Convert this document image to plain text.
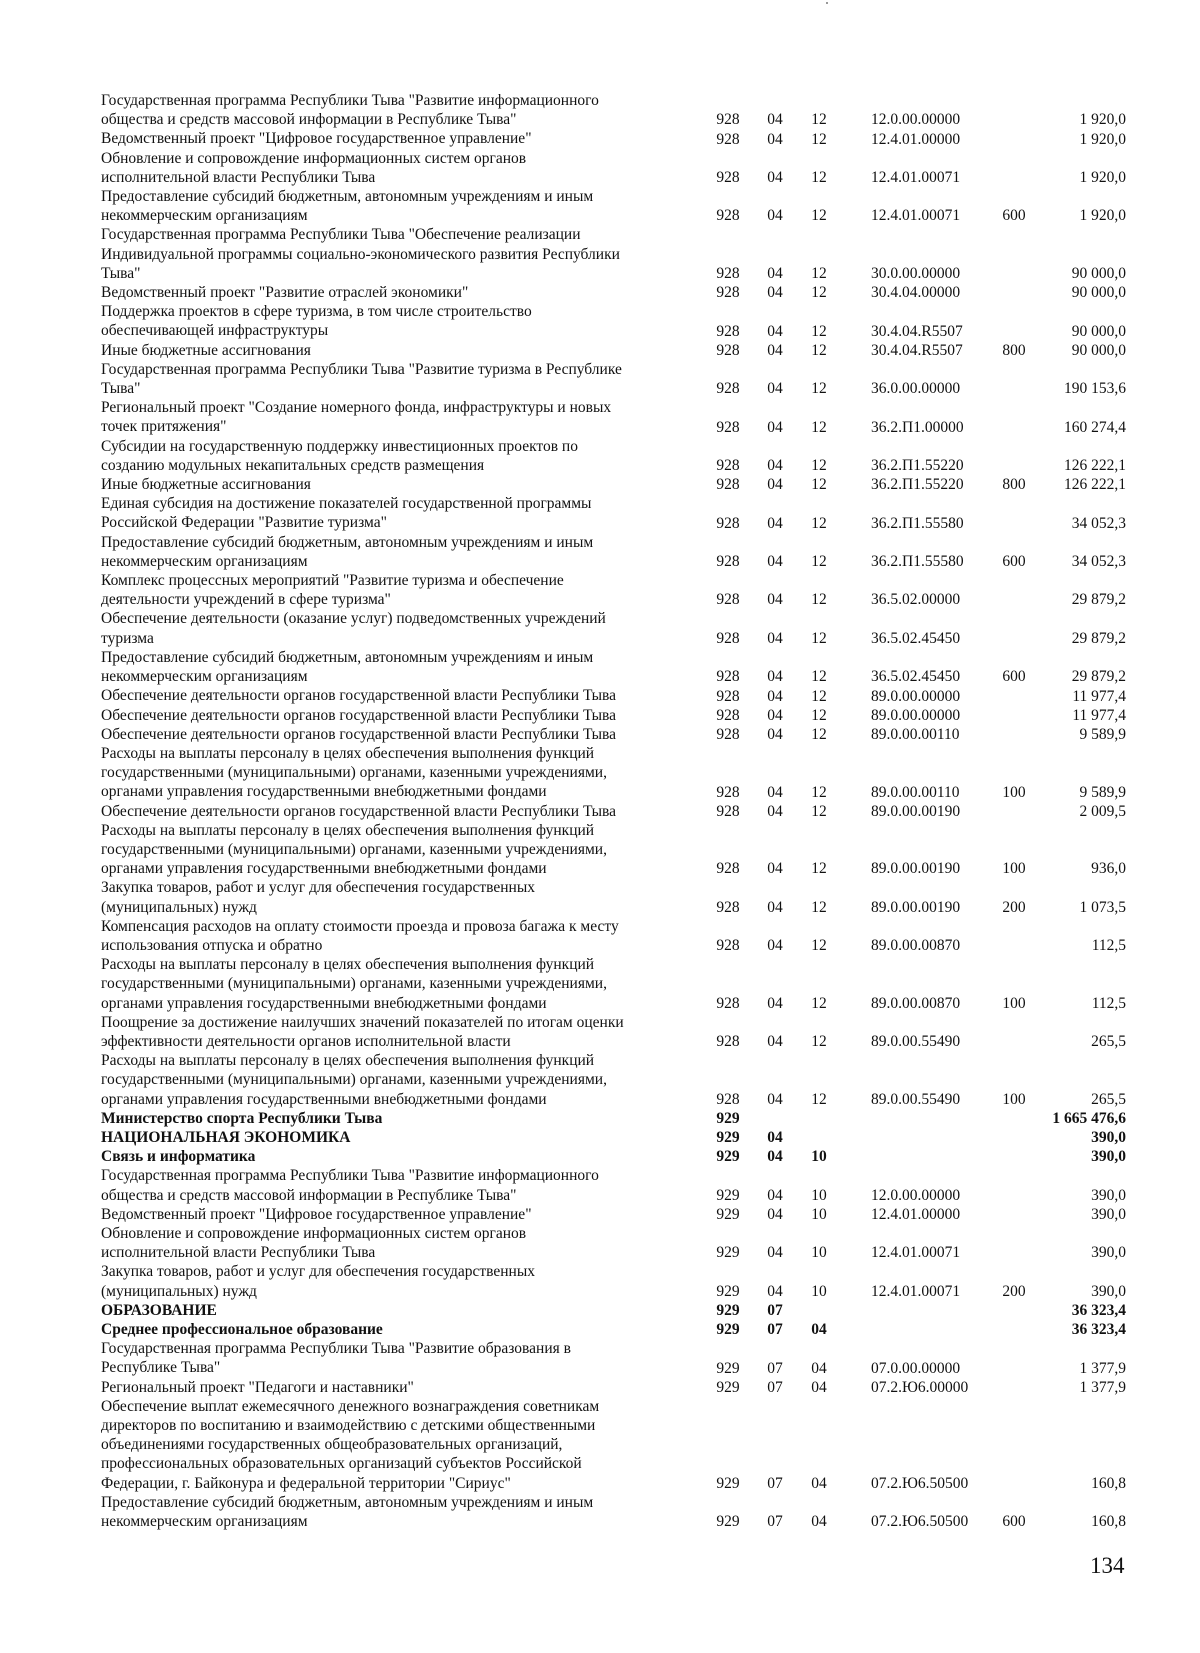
Государственная программа Республики Тыва "Развитие информационного
общества и средств массовой информации в Республике Тыва"	928	04	12	12.0.00.00000	1 920,0
Ведомственный проект "Цифровое государственное управление"	928	04	12	12.4.01.00000	1 920,0
Обновление и сопровождение информационных систем органов
исполнительной власти Республики Тыва	928	04	12	12.4.01.00071	1 920,0
Предоставление субсидий бюджетным, автономным учреждениям и иным
некоммерческим организациям	928	04	12	12.4.01.00071	600	1 920,0
Государственная программа Республики Тыва "Обеспечение реализации
Индивидуальной программы социально-экономического развития Республики
Тыва"	928	04	12	30.0.00.00000	90 000,0
Ведомственный проект "Развитие отраслей экономики"	928	04	12	30.4.04.00000	90 000,0
Поддержка проектов в сфере туризма, в том числе строительство
обеспечивающей инфраструктуры	928	04	12	30.4.04.R5507	90 000,0
Иные бюджетные ассигнования	928	04	12	30.4.04.R5507	800	90 000,0
Государственная программа Республики Тыва "Развитие туризма в Республике
Тыва"	928	04	12	36.0.00.00000	190 153,6
Региональный проект "Создание номерного фонда, инфраструктуры и новых
точек притяжения"	928	04	12	36.2.П1.00000	160 274,4
Субсидии на государственную поддержку инвестиционных проектов по
созданию модульных некапитальных средств размещения	928	04	12	36.2.П1.55220	126 222,1
Иные бюджетные ассигнования	928	04	12	36.2.П1.55220	800	126 222,1
Единая субсидия на достижение показателей государственной программы
Российской Федерации "Развитие туризма"	928	04	12	36.2.П1.55580	34 052,3
Предоставление субсидий бюджетным, автономным учреждениям и иным
некоммерческим организациям	928	04	12	36.2.П1.55580	600	34 052,3
Комплекс процессных мероприятий "Развитие туризма и обеспечение
деятельности учреждений в сфере туризма"	928	04	12	36.5.02.00000	29 879,2
Обеспечение деятельности (оказание услуг) подведомственных учреждений
туризма	928	04	12	36.5.02.45450	29 879,2
Предоставление субсидий бюджетным, автономным учреждениям и иным
некоммерческим организациям	928	04	12	36.5.02.45450	600	29 879,2
Обеспечение деятельности органов государственной власти Республики Тыва	928	04	12	89.0.00.00000	11 977,4
Обеспечение деятельности органов государственной власти Республики Тыва	928	04	12	89.0.00.00000	11 977,4
Обеспечение деятельности органов государственной власти Республики Тыва	928	04	12	89.0.00.00110	9 589,9
Расходы на выплаты персоналу в целях обеспечения выполнения функций
государственными (муниципальными) органами, казенными учреждениями,
органами управления государственными внебюджетными фондами	928	04	12	89.0.00.00110	100	9 589,9
Обеспечение деятельности органов государственной власти Республики Тыва	928	04	12	89.0.00.00190	2 009,5
Расходы на выплаты персоналу в целях обеспечения выполнения функций
государственными (муниципальными) органами, казенными учреждениями,
органами управления государственными внебюджетными фондами	928	04	12	89.0.00.00190	100	936,0
Закупка товаров, работ и услуг для обеспечения государственных
(муниципальных) нужд	928	04	12	89.0.00.00190	200	1 073,5
Компенсация расходов на оплату стоимости проезда и провоза багажа к месту
использования отпуска и обратно	928	04	12	89.0.00.00870	112,5
Расходы на выплаты персоналу в целях обеспечения выполнения функций
государственными (муниципальными) органами, казенными учреждениями,
органами управления государственными внебюджетными фондами	928	04	12	89.0.00.00870	100	112,5
Поощрение за достижение наилучших значений показателей по итогам оценки
эффективности деятельности органов исполнительной власти	928	04	12	89.0.00.55490	265,5
Расходы на выплаты персоналу в целях обеспечения выполнения функций
государственными (муниципальными) органами, казенными учреждениями,
органами управления государственными внебюджетными фондами	928	04	12	89.0.00.55490	100	265,5
Министерство спорта Республики Тыва	929	1 665 476,6
НАЦИОНАЛЬНАЯ ЭКОНОМИКА	929	04	390,0
Связь и информатика	929	04	10	390,0
Государственная программа Республики Тыва "Развитие информационного
общества и средств массовой информации в Республике Тыва"	929	04	10	12.0.00.00000	390,0
Ведомственный проект "Цифровое государственное управление"	929	04	10	12.4.01.00000	390,0
Обновление и сопровождение информационных систем органов
исполнительной власти Республики Тыва	929	04	10	12.4.01.00071	390,0
Закупка товаров, работ и услуг для обеспечения государственных
(муниципальных) нужд	929	04	10	12.4.01.00071	200	390,0
ОБРАЗОВАНИЕ	929	07	36 323,4
Среднее профессиональное образование	929	07	04	36 323,4
Государственная программа Республики Тыва "Развитие образования в
Республике Тыва"	929	07	04	07.0.00.00000	1 377,9
Региональный проект "Педагоги и наставники"	929	07	04	07.2.Ю6.00000	1 377,9
Обеспечение выплат ежемесячного денежного вознаграждения советникам
директоров по воспитанию и взаимодействию с детскими общественными
объединениями государственных общеобразовательных организаций,
профессиональных образовательных организаций субъектов Российской
Федерации, г. Байконура и федеральной территории "Сириус"	929	07	04	07.2.Ю6.50500	160,8
Предоставление субсидий бюджетным, автономным учреждениям и иным
некоммерческим организациям	929	07	04	07.2.Ю6.50500	600	160,8
134
